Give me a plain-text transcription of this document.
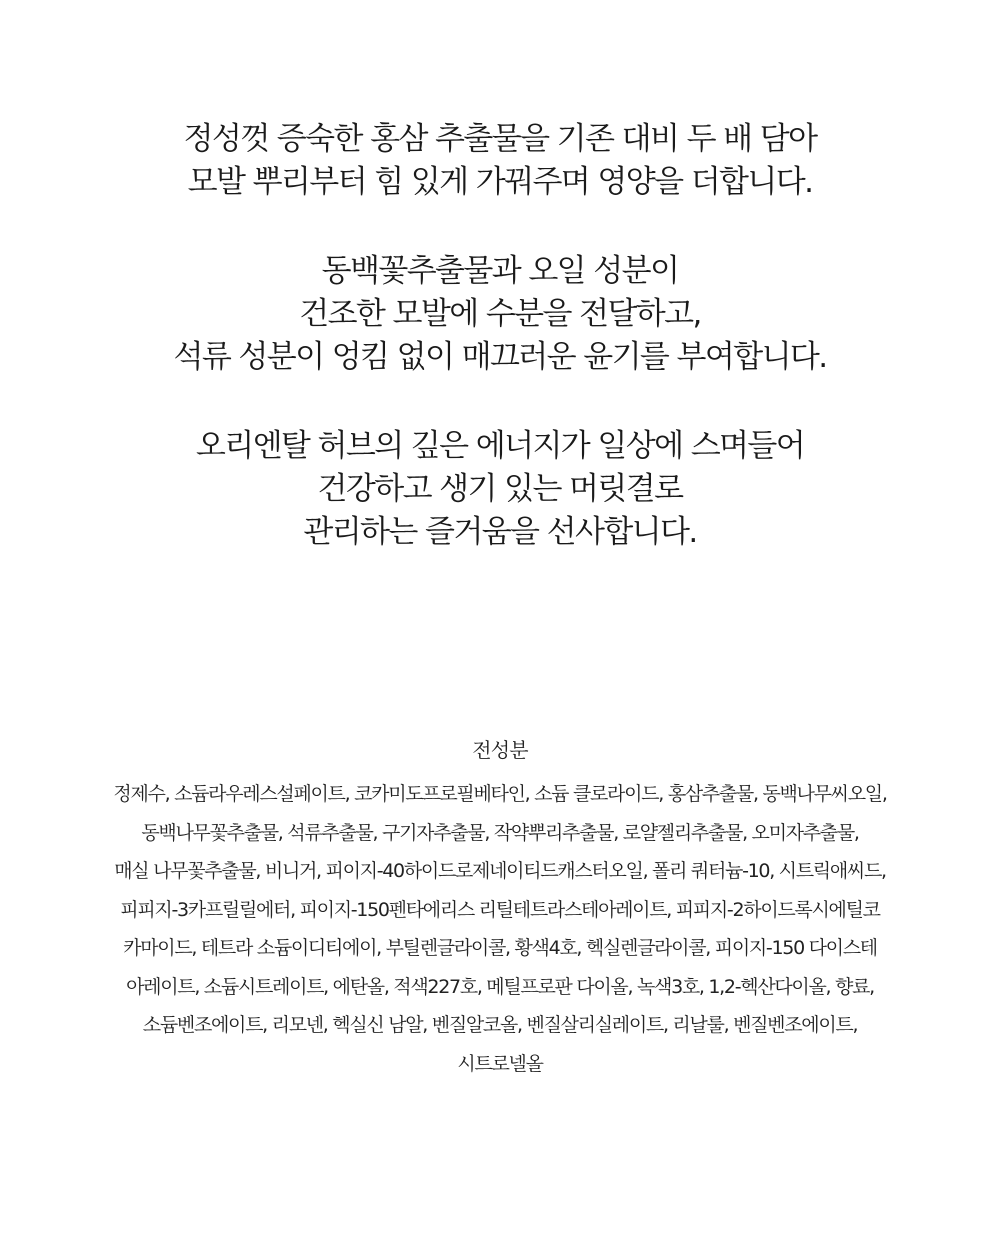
정성껏 증숙한 홍삼 추출물을 기존 대비 두 배 담아
모발 뿌리부터 힘 있게 가꿔주며 영양을 더합니다.

동백꽃추출물과 오일 성분이
건조한 모발에 수분을 전달하고,
석류 성분이 엉킴 없이 매끄러운 윤기를 부여합니다.

오리엔탈 허브의 깊은 에너지가 일상에 스며들어
건강하고 생기 있는 머릿결로
관리하는 즐거움을 선사합니다.

전성분
정제수, 소듐라우레스설페이트, 코카미도프로필베타인, 소듐 클로라이드, 홍삼추출물, 동백나무씨오일,
동백나무꽃추출물, 석류추출물, 구기자추출물, 작약뿌리추출물, 로얄젤리추출물, 오미자추출물,
매실 나무꽃추출물, 비니거, 피이지-40하이드로제네이티드캐스터오일, 폴리 쿼터늄-10, 시트릭애씨드,
피피지-3카프릴릴에터, 피이지-150펜타에리스 리틸테트라스테아레이트, 피피지-2하이드록시에틸코
카마이드, 테트라 소듐이디티에이, 부틸렌글라이콜, 황색4호, 헥실렌글라이콜, 피이지-150 다이스테
아레이트, 소듐시트레이트, 에탄올, 적색227호, 메틸프로판 다이올, 녹색3호, 1,2-헥산다이올, 향료,
소듐벤조에이트, 리모넨, 헥실신 남알, 벤질알코올, 벤질살리실레이트, 리날룰, 벤질벤조에이트,
시트로넬올
